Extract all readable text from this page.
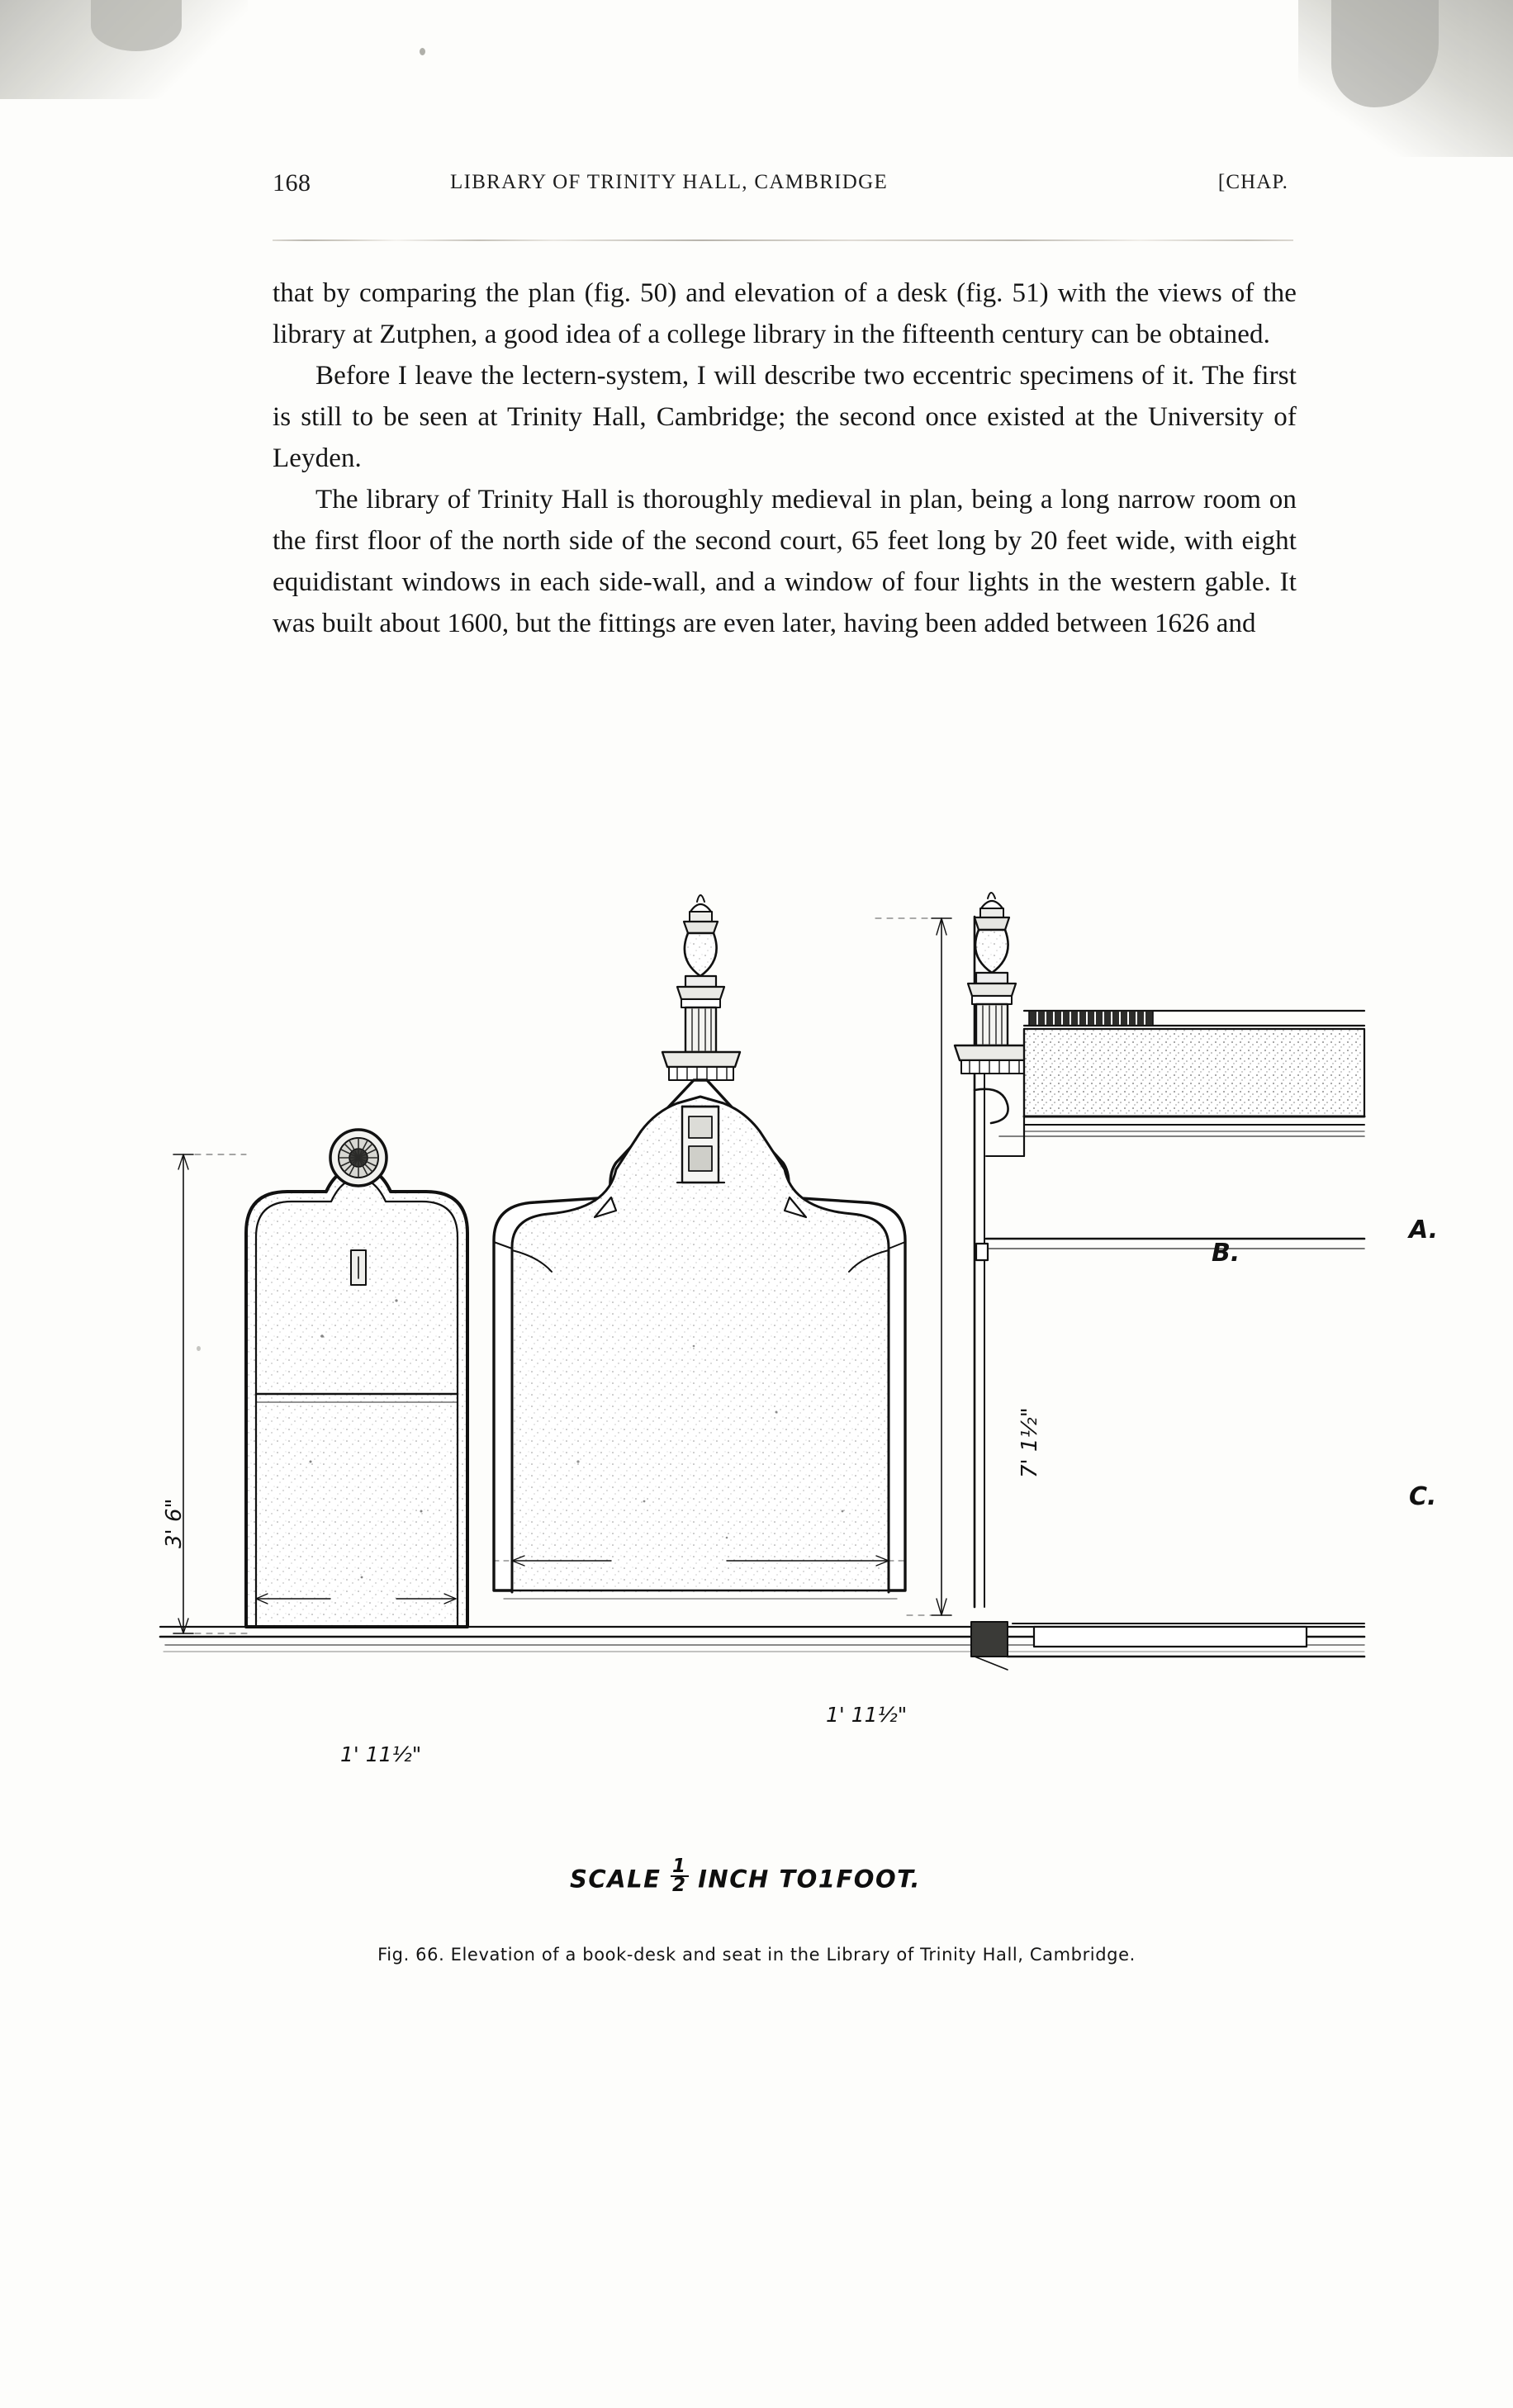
168	LIBRARY OF TRINITY HALL, CAMBRIDGE	[CHAP.

that by comparing the plan (fig. 50) and elevation of a desk (fig. 51) with the views of the library at Zutphen, a good idea of a college library in the fifteenth century can be obtained.

Before I leave the lectern-system, I will describe two eccentric specimens of it. The first is still to be seen at Trinity Hall, Cambridge; the second once existed at the University of Leyden.

The library of Trinity Hall is thoroughly medieval in plan, being a long narrow room on the first floor of the north side of the second court, 65 feet long by 20 feet wide, with eight equidistant windows in each side-wall, and a window of four lights in the western gable. It was built about 1600, but the fittings are even later, having been added between 1626 and

3' 6"
1' 11½"
7' 1½"
1' 11½"
A.
B.
C.
SCALE $\frac{1}{2}$ INCH TO1FOOT.
Fig. 66. Elevation of a book-desk and seat in the Library of Trinity Hall, Cambridge.
